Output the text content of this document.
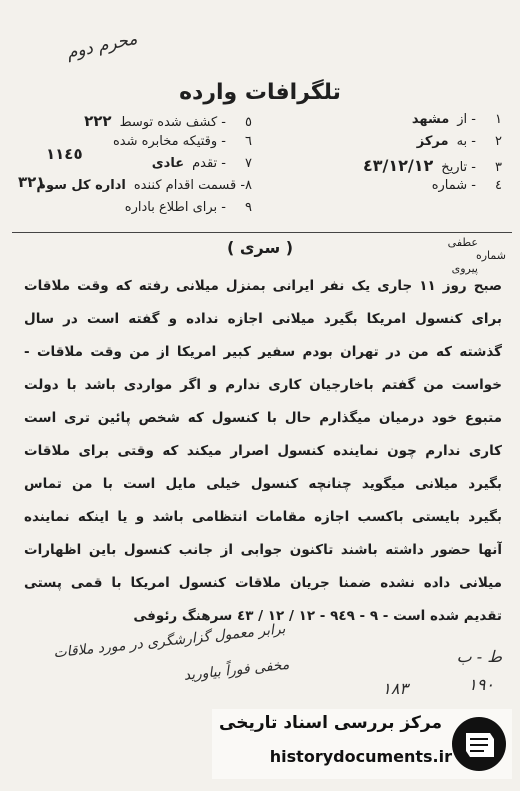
محرم دوم
تلگرافات وارده
١
- از
مشهد
٢
- به
مرکز
٣
- تاریخ
٤٣/١٢/١٢
٤
- شماره
٥
- کشف شده توسط
٢٢٢
٦
- وقتیکه مخابره شده
٧
- تقدم
عادی
٨
- قسمت اقدام کننده
اداره کل سوم
٩
- برای اطلاع باداره
١١٤٥
٣٢١
( سری )	عطفی
شماره
پیروی
صبح روز ١١ جاری یک نفر ایرانی بمنزل میلانی رفته که وقت ملاقات
برای کنسول امریکا بگیرد میلانی اجازه نداده و گفته است در سال
گذشته که من در تهران بودم سفیر کبیر امریکا از من وقت ملاقات -
خواست من گفتم باخارجیان کاری ندارم و اگر مواردی باشد با دولت
متبوع خود درمیان میگذارم حال با کنسول که شخص پائین تری است
کاری ندارم چون نماینده کنسول اصرار میکند که وقتی برای ملاقات
بگیرد میلانی میگوید چنانچه کنسول خیلی مایل است با من تماس
بگیرد بایستی باکسب اجازه مقامات انتظامی باشد و یا اینکه نماینده
آنها حضور داشته باشند تاکنون جوابی از جانب کنسول باین اظهارات
میلانی داده نشده ضمنا جریان ملاقات کنسول امریکا با قمی پستی
تقدیم شده است - ٩ - ٩٤٩ - ١٢ / ١٢ / ٤٣ سرهنگ رئوفی
برابر معمول گزارشگری در مورد ملاقات
مخفی فوراً بیاورید
ط - ب
١٩٠
١٨٣
مرکز بررسی اسناد تاریخی
historydocuments.ir
